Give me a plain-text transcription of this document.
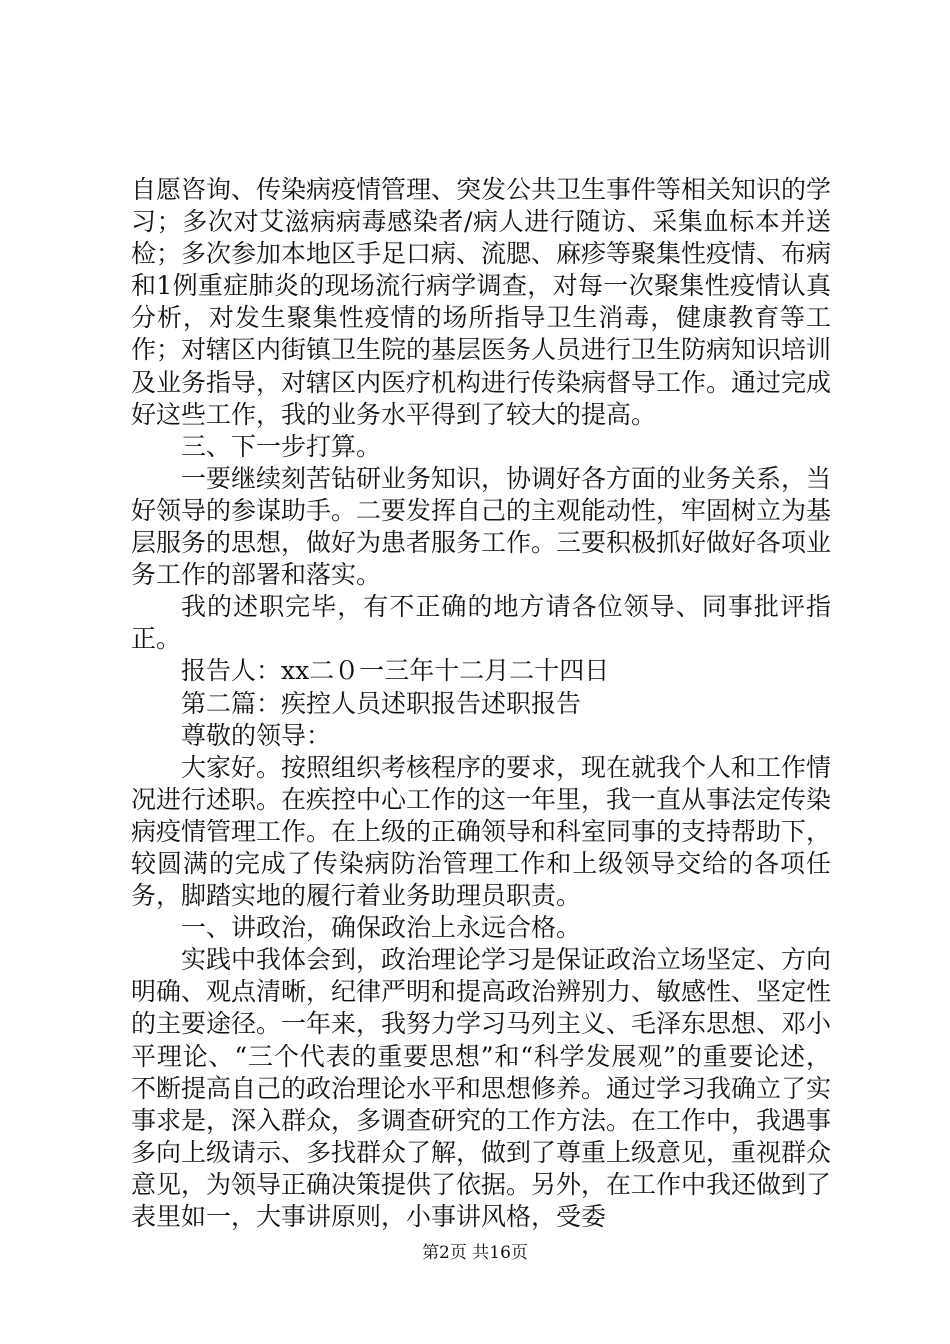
自愿咨询、传染病疫情管理、突发公共卫生事件等相关知识的学习；多次对艾滋病病毒感染者/病人进行随访、采集血标本并送检；多次参加本地区手足口病、流腮、麻疹等聚集性疫情、布病和1例重症肺炎的现场流行病学调查，对每一次聚集性疫情认真分析，对发生聚集性疫情的场所指导卫生消毒，健康教育等工作；对辖区内街镇卫生院的基层医务人员进行卫生防病知识培训及业务指导，对辖区内医疗机构进行传染病督导工作。通过完成好这些工作，我的业务水平得到了较大的提高。

三、下一步打算。

一要继续刻苦钻研业务知识，协调好各方面的业务关系，当好领导的参谋助手。二要发挥自己的主观能动性，牢固树立为基层服务的思想，做好为患者服务工作。三要积极抓好做好各项业务工作的部署和落实。

我的述职完毕，有不正确的地方请各位领导、同事批评指正。

报告人：xx二０一三年十二月二十四日

第二篇：疾控人员述职报告述职报告

尊敬的领导：

大家好。按照组织考核程序的要求，现在就我个人和工作情况进行述职。在疾控中心工作的这一年里，我一直从事法定传染病疫情管理工作。在上级的正确领导和科室同事的支持帮助下，较圆满的完成了传染病防治管理工作和上级领导交给的各项任务，脚踏实地的履行着业务助理员职责。

一、讲政治，确保政治上永远合格。

实践中我体会到，政治理论学习是保证政治立场坚定、方向明确、观点清晰，纪律严明和提高政治辨别力、敏感性、坚定性的主要途径。一年来，我努力学习马列主义、毛泽东思想、邓小平理论、“三个代表的重要思想”和“科学发展观”的重要论述，不断提高自己的政治理论水平和思想修养。通过学习我确立了实事求是，深入群众，多调查研究的工作方法。在工作中，我遇事多向上级请示、多找群众了解，做到了尊重上级意见，重视群众意见，为领导正确决策提供了依据。另外，在工作中我还做到了表里如一，大事讲原则，小事讲风格，受委

第2页 共16页
